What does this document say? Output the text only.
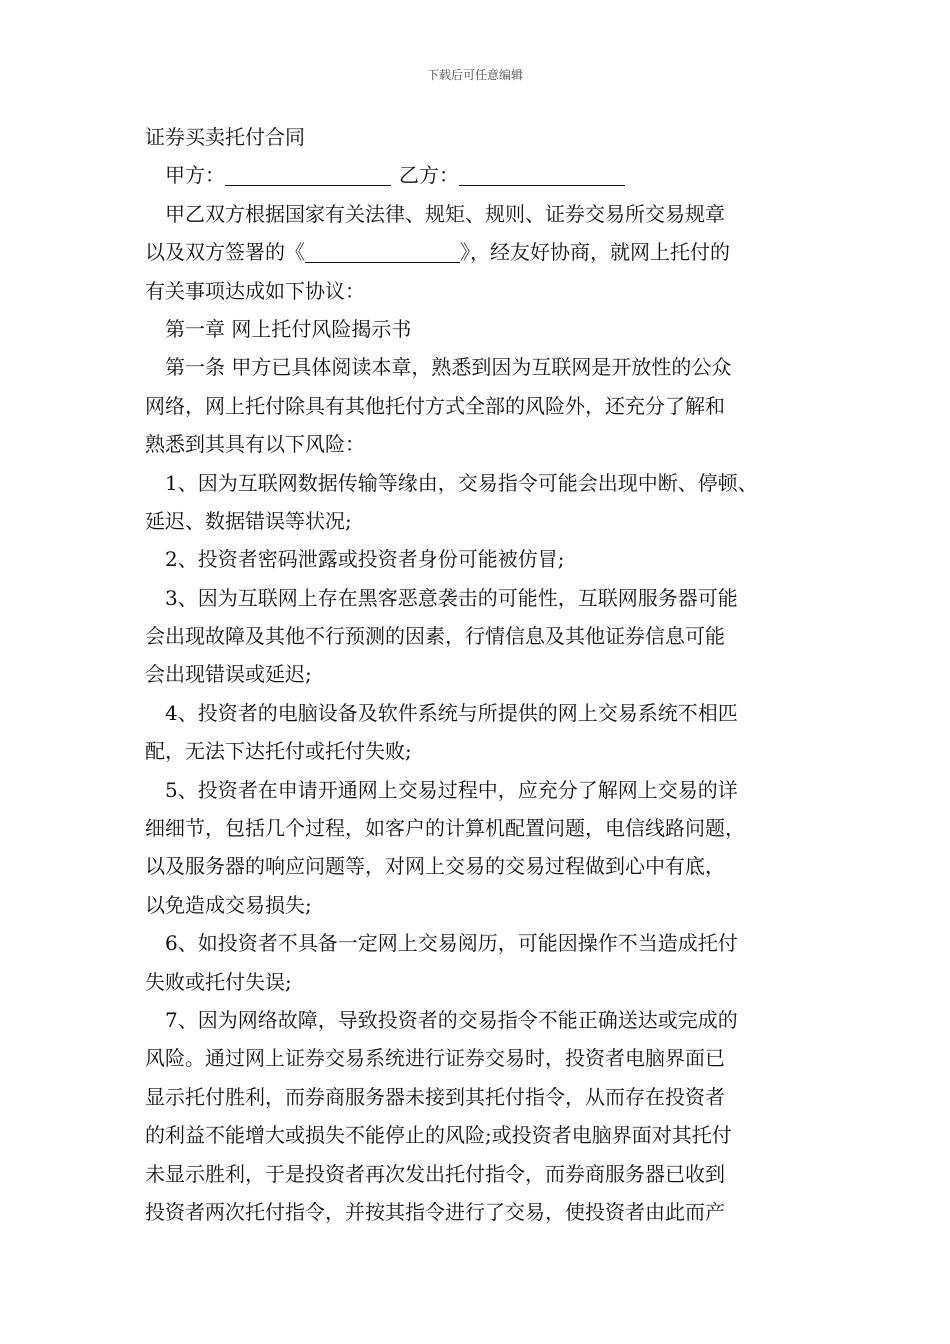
下载后可任意编辑
证券买卖托付合同
甲方：	乙方：
甲乙双方根据国家有关法律、规矩、规则、证券交易所交易规章
以及双方签署的《	》，经友好协商，就网上托付的
有关事项达成如下协议：
第一章 网上托付风险揭示书
第一条 甲方已具体阅读本章，熟悉到因为互联网是开放性的公众
网络，网上托付除具有其他托付方式全部的风险外，还充分了解和
熟悉到其具有以下风险：
1、因为互联网数据传输等缘由，交易指令可能会出现中断、停顿、
延迟、数据错误等状况;
2、投资者密码泄露或投资者身份可能被仿冒;
3、因为互联网上存在黑客恶意袭击的可能性，互联网服务器可能
会出现故障及其他不行预测的因素，行情信息及其他证券信息可能
会出现错误或延迟;
4、投资者的电脑设备及软件系统与所提供的网上交易系统不相匹
配，无法下达托付或托付失败;
5、投资者在申请开通网上交易过程中，应充分了解网上交易的详
细细节，包括几个过程，如客户的计算机配置问题，电信线路问题，
以及服务器的响应问题等，对网上交易的交易过程做到心中有底，
以免造成交易损失;
6、如投资者不具备一定网上交易阅历，可能因操作不当造成托付
失败或托付失误;
7、因为网络故障，导致投资者的交易指令不能正确送达或完成的
风险。通过网上证券交易系统进行证券交易时，投资者电脑界面已
显示托付胜利，而券商服务器未接到其托付指令，从而存在投资者
的利益不能增大或损失不能停止的风险;或投资者电脑界面对其托付
未显示胜利，于是投资者再次发出托付指令，而券商服务器已收到
投资者两次托付指令，并按其指令进行了交易，使投资者由此而产
